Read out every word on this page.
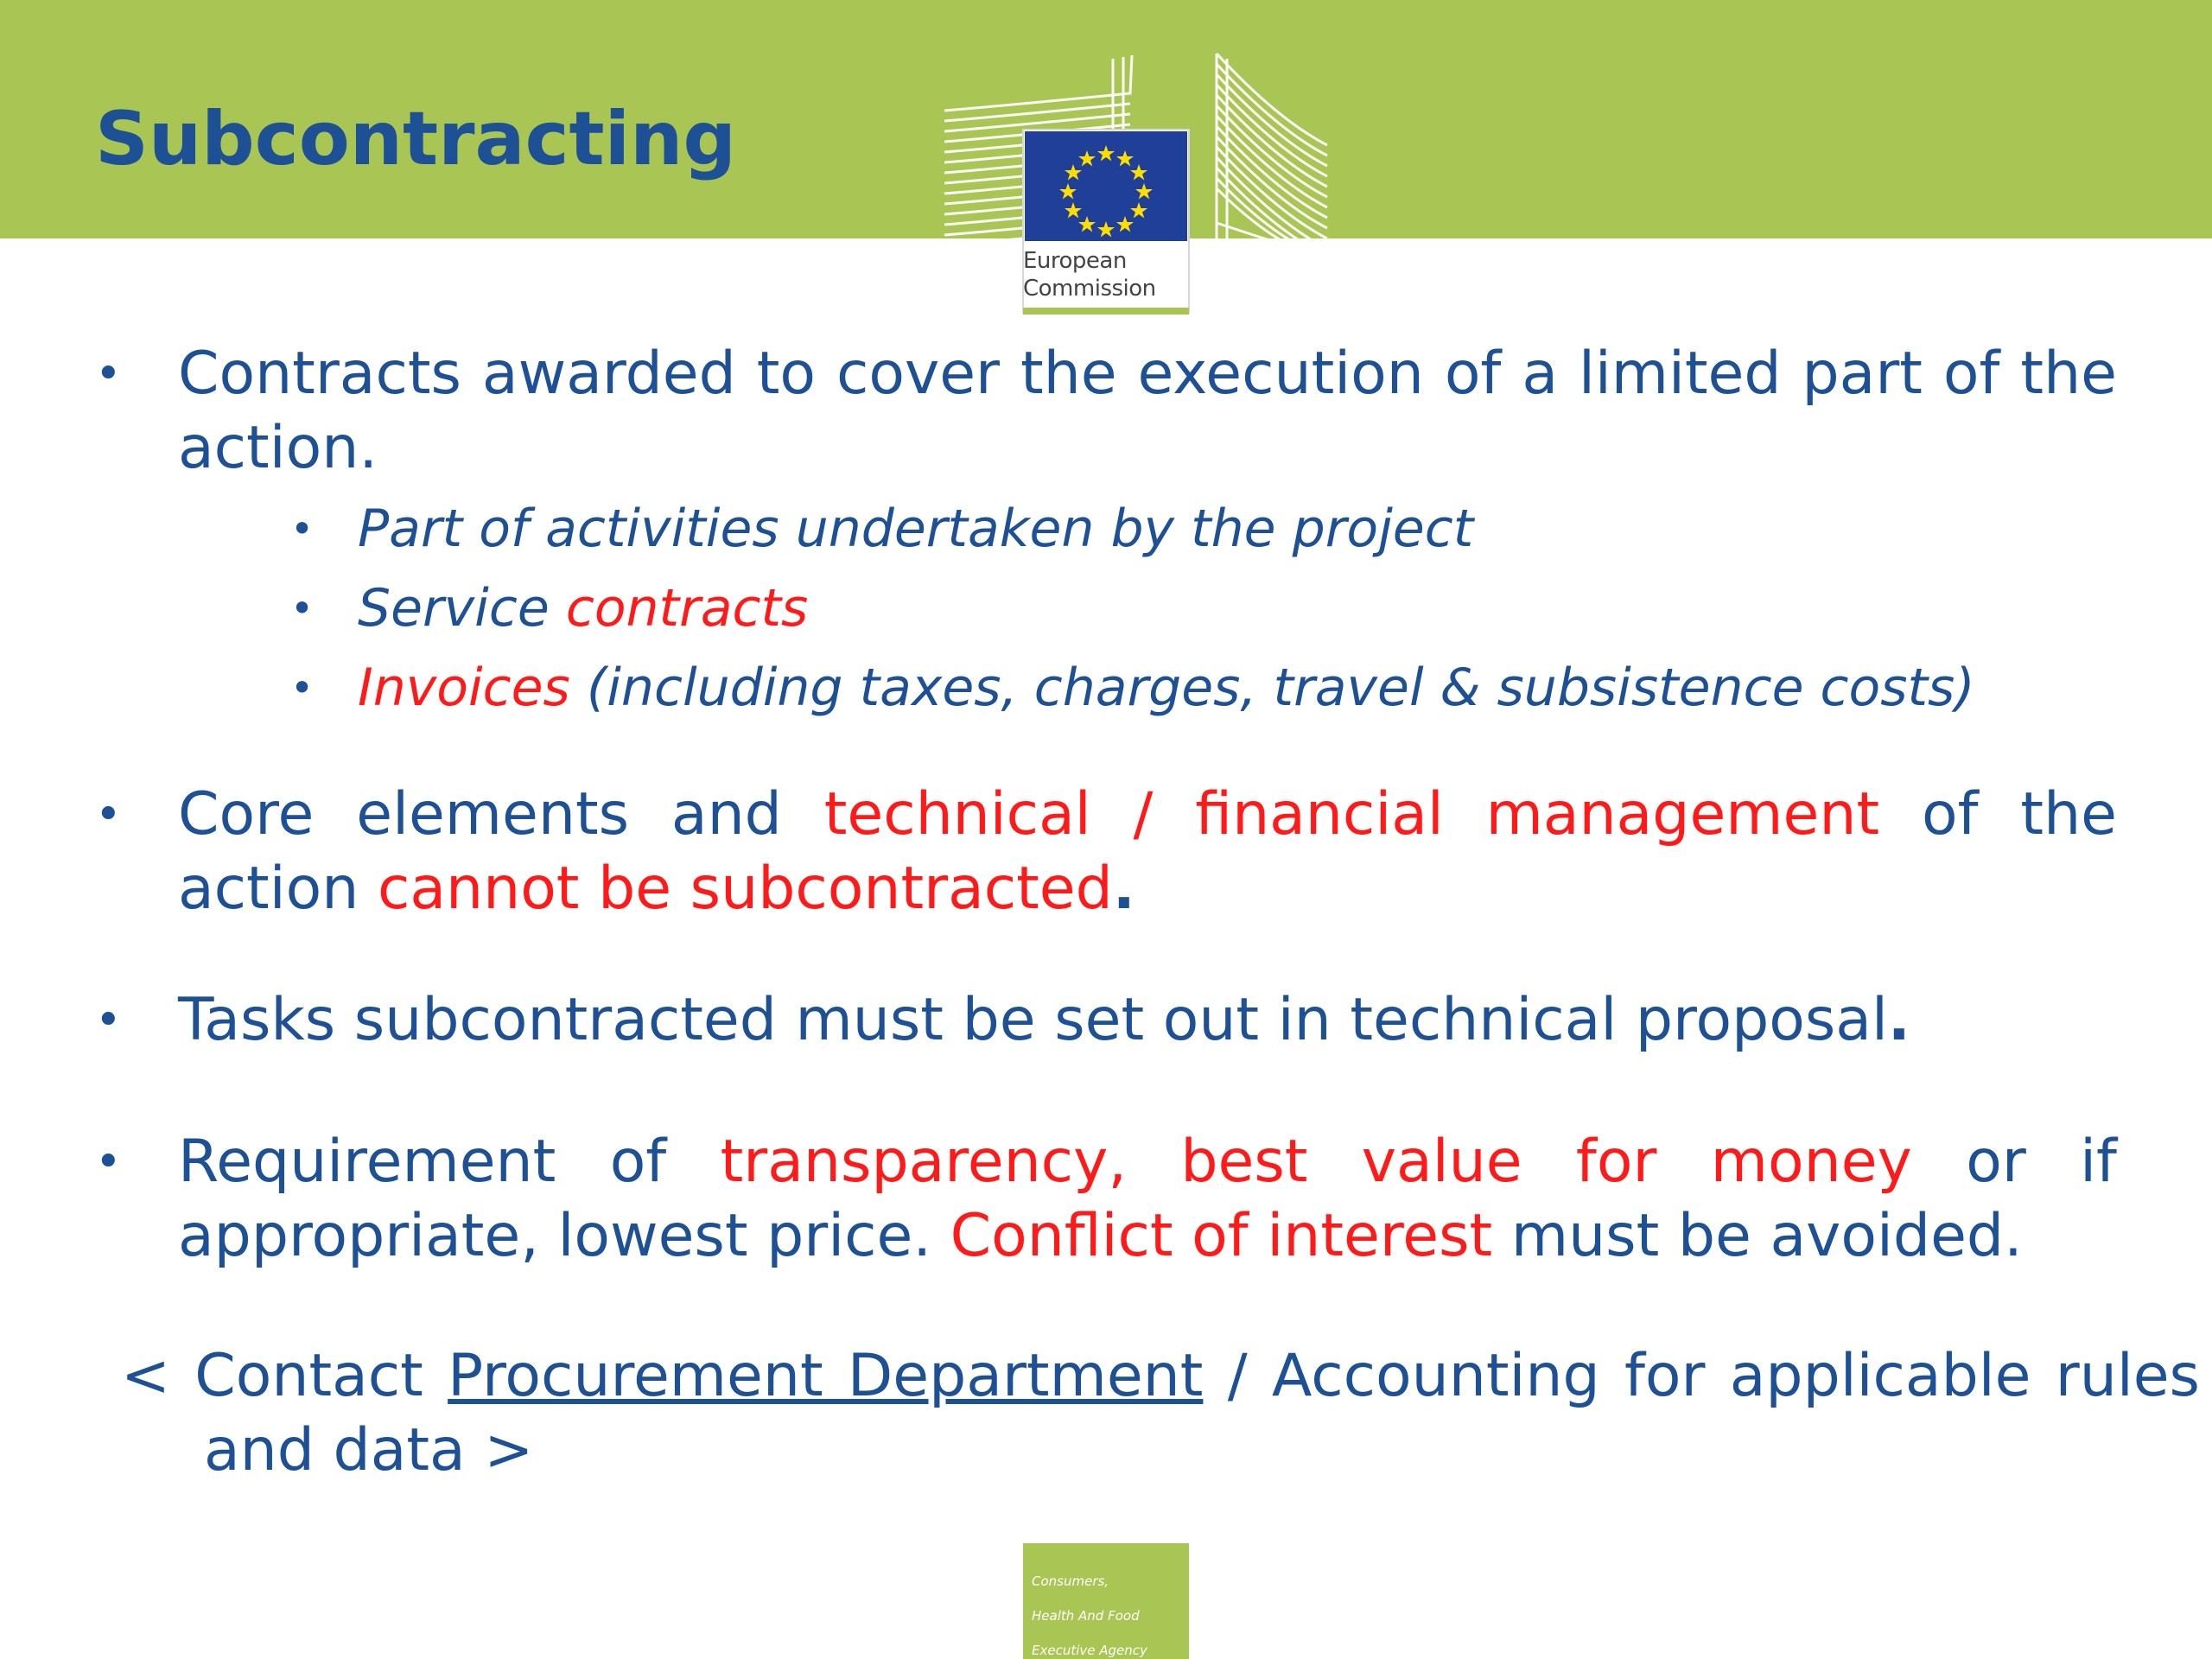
Subcontracting
European
Commission
• Contracts awarded to cover the execution of a limited part of the action.
• Part of activities undertaken by the project
• Service contracts
• Invoices (including taxes, charges, travel & subsistence costs)
• Core elements and technical / financial management of the action cannot be subcontracted.
• Tasks subcontracted must be set out in technical proposal.
• Requirement of transparency, best value for money or if appropriate, lowest price. Conflict of interest must be avoided.
< Contact Procurement Department / Accounting for applicable rules and data >

Consumers,

Health And Food

Executive Agency
